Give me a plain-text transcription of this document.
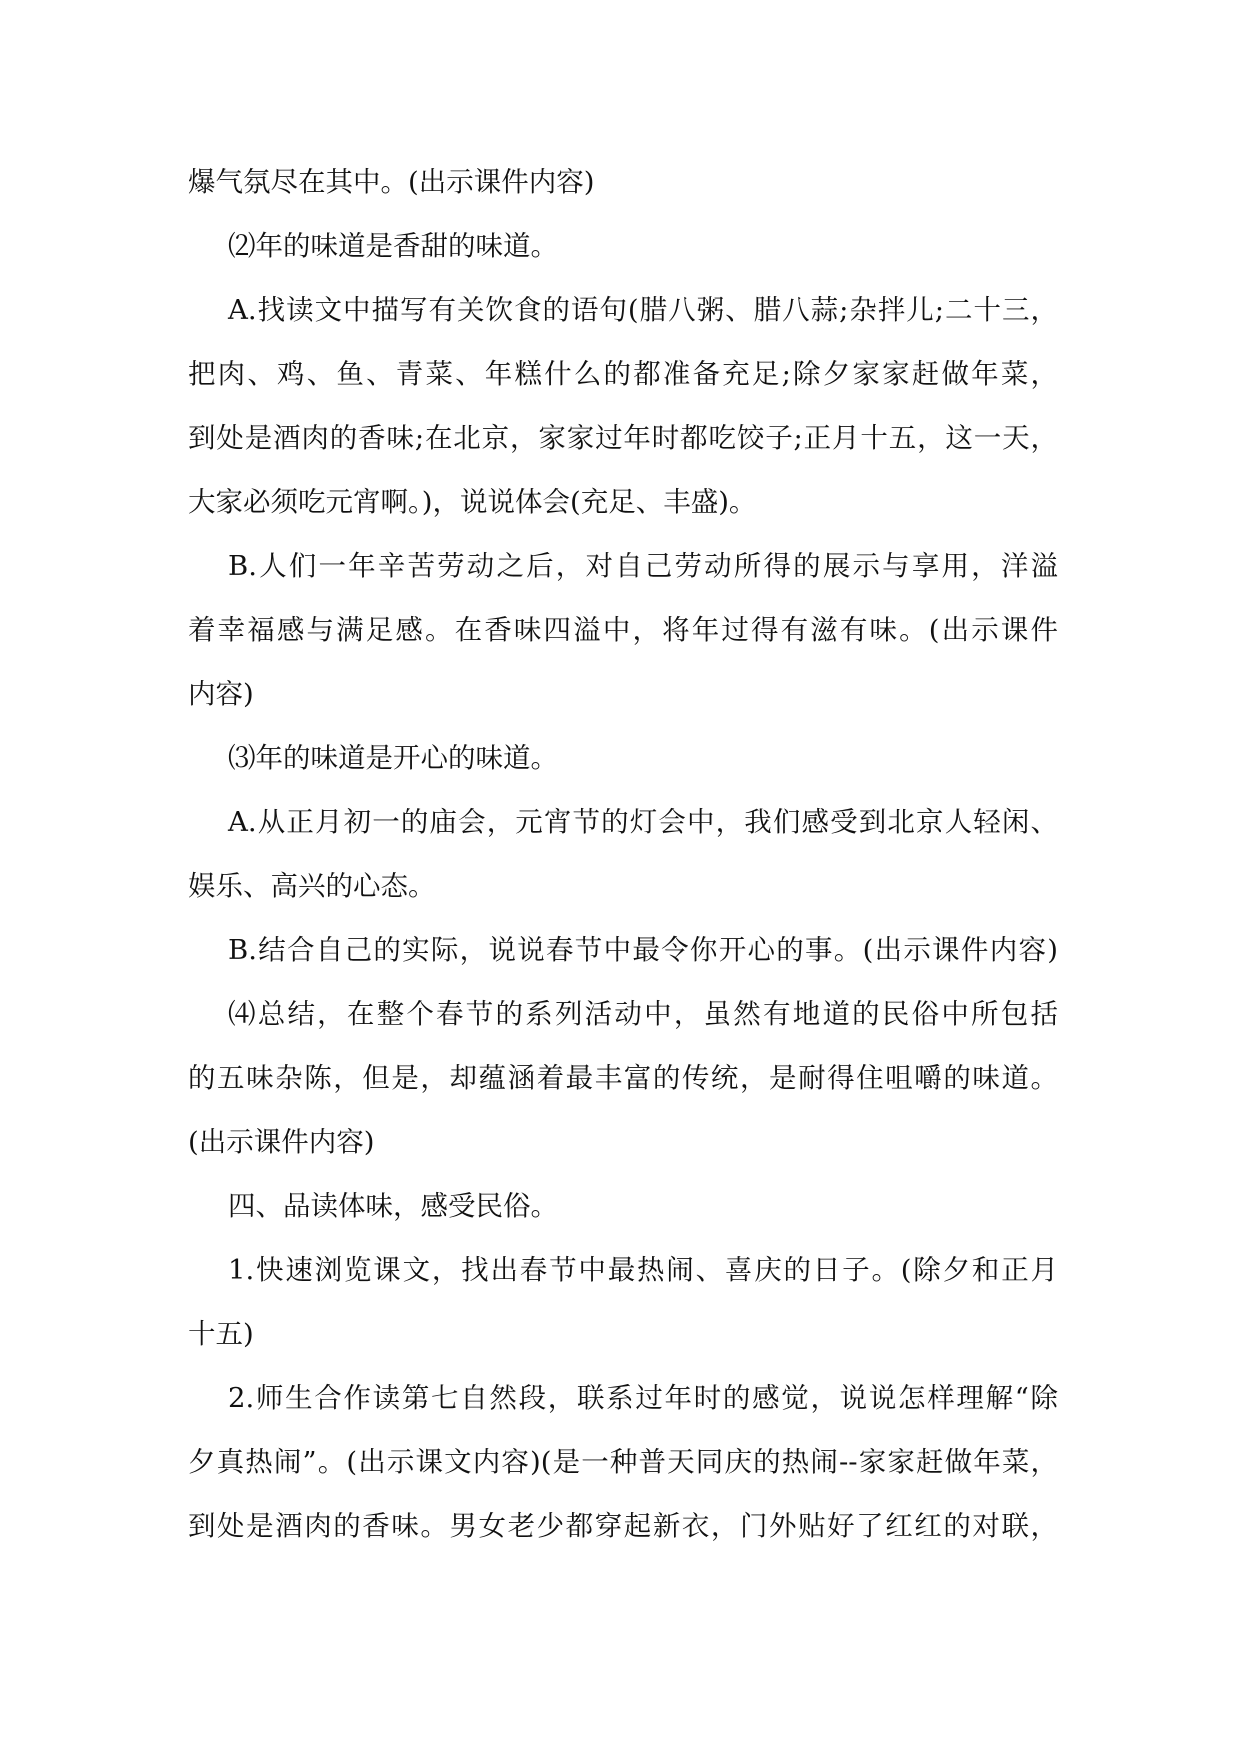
爆气氛尽在其中。(出示课件内容)
⑵年的味道是香甜的味道。
A.找读文中描写有关饮食的语句(腊八粥、腊八蒜;杂拌儿;二十三，
把肉、鸡、鱼、青菜、年糕什么的都准备充足;除夕家家赶做年菜，
到处是酒肉的香味;在北京，家家过年时都吃饺子;正月十五，这一天，
大家必须吃元宵啊。)，说说体会(充足、丰盛)。
B.人们一年辛苦劳动之后，对自己劳动所得的展示与享用，洋溢
着幸福感与满足感。在香味四溢中，将年过得有滋有味。(出示课件
内容)
⑶年的味道是开心的味道。
A.从正月初一的庙会，元宵节的灯会中，我们感受到北京人轻闲、
娱乐、高兴的心态。
B.结合自己的实际，说说春节中最令你开心的事。(出示课件内容)
⑷总结，在整个春节的系列活动中，虽然有地道的民俗中所包括
的五味杂陈，但是，却蕴涵着最丰富的传统，是耐得住咀嚼的味道。
(出示课件内容)
四、品读体味，感受民俗。
1.快速浏览课文，找出春节中最热闹、喜庆的日子。(除夕和正月
十五)
2.师生合作读第七自然段，联系过年时的感觉，说说怎样理解“除
夕真热闹”。(出示课文内容)(是一种普天同庆的热闹--家家赶做年菜，
到处是酒肉的香味。男女老少都穿起新衣，门外贴好了红红的对联，
